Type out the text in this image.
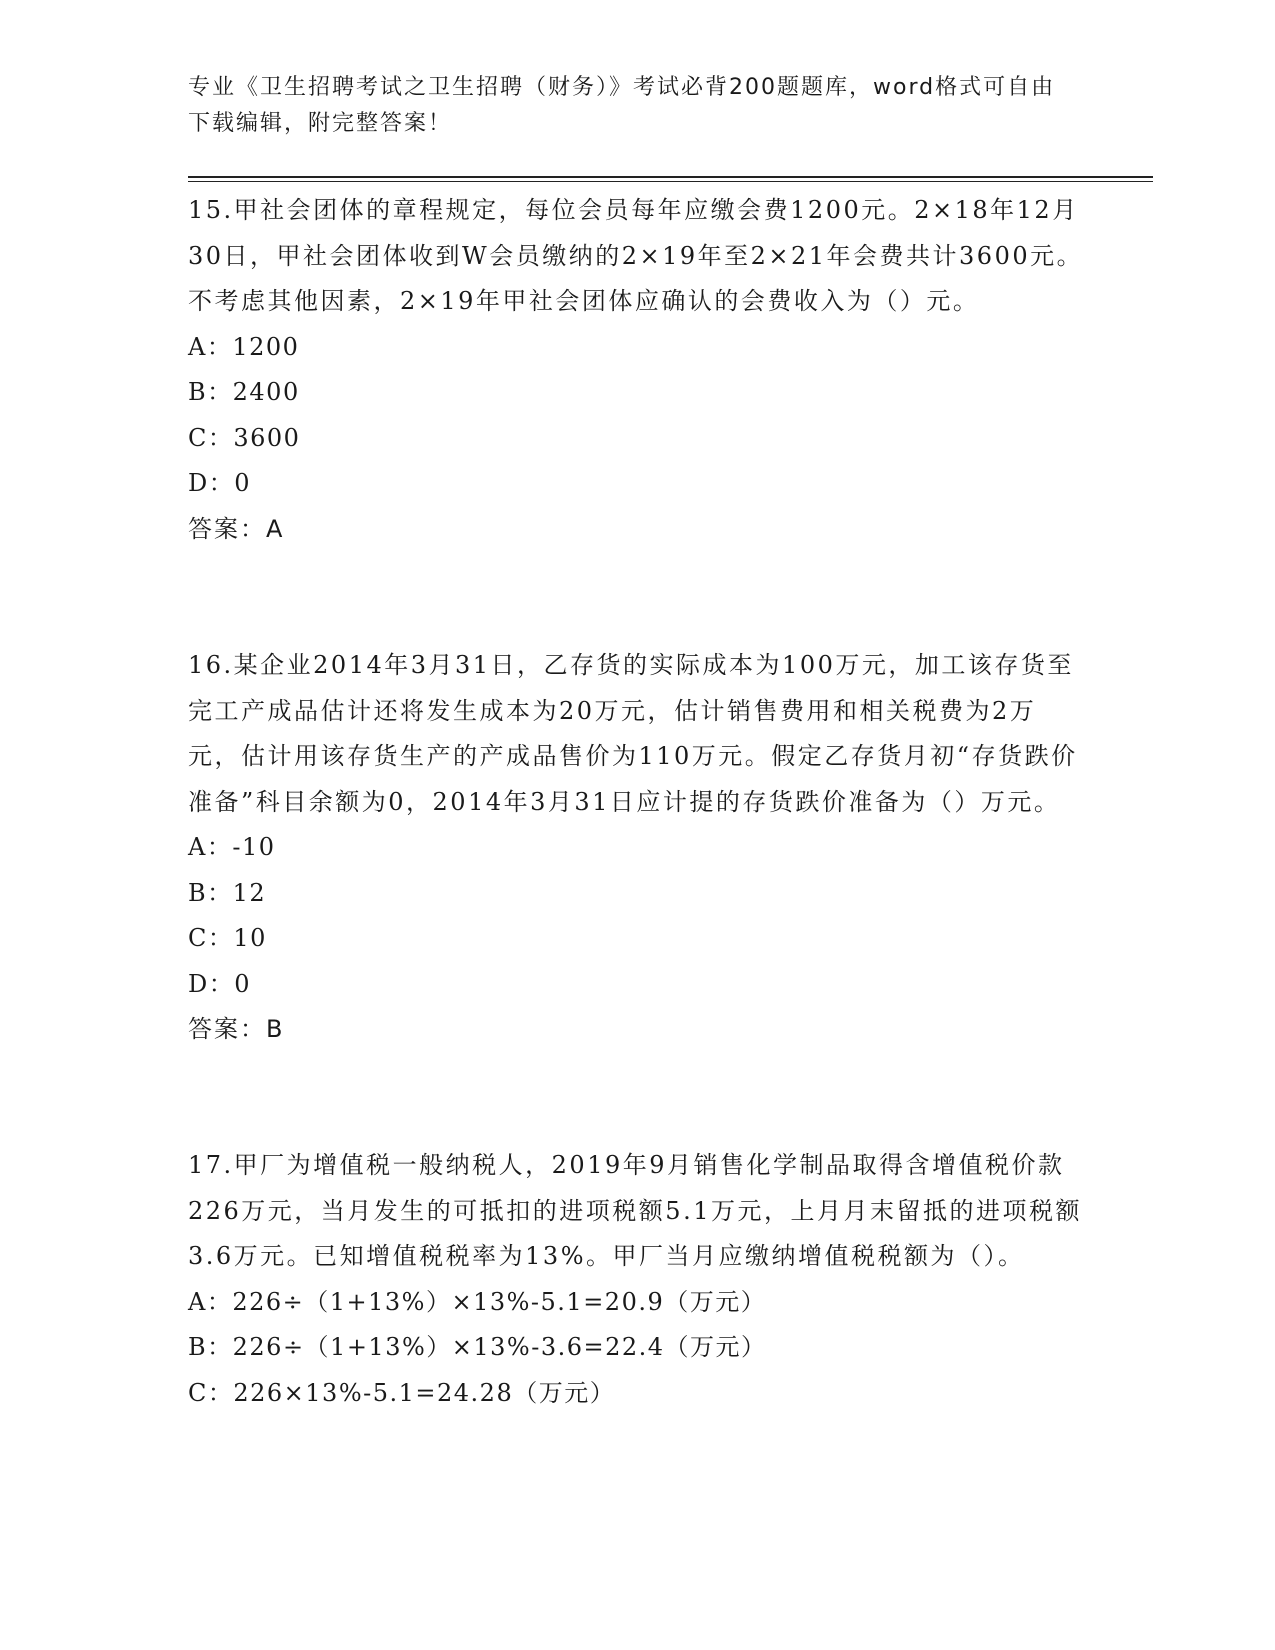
专业《卫生招聘考试之卫生招聘（财务）》考试必背200题题库，word格式可自由下载编辑，附完整答案！

15.甲社会团体的章程规定，每位会员每年应缴会费1200元。2×18年12月30日，甲社会团体收到W会员缴纳的2×19年至2×21年会费共计3600元。不考虑其他因素，2×19年甲社会团体应确认的会费收入为（）元。

A：1200

B：2400

C：3600

D：0

答案：A

16.某企业2014年3月31日，乙存货的实际成本为100万元，加工该存货至完工产成品估计还将发生成本为20万元，估计销售费用和相关税费为2万元，估计用该存货生产的产成品售价为110万元。假定乙存货月初“存货跌价准备”科目余额为0，2014年3月31日应计提的存货跌价准备为（）万元。

A：-10

B：12

C：10

D：0

答案：B

17.甲厂为增值税一般纳税人，2019年9月销售化学制品取得含增值税价款226万元，当月发生的可抵扣的进项税额5.1万元，上月月末留抵的进项税额3.6万元。已知增值税税率为13%。甲厂当月应缴纳增值税税额为（）。

A：226÷（1+13%）×13%-5.1=20.9（万元）

B：226÷（1+13%）×13%-3.6=22.4（万元）

C：226×13%-5.1=24.28（万元）
